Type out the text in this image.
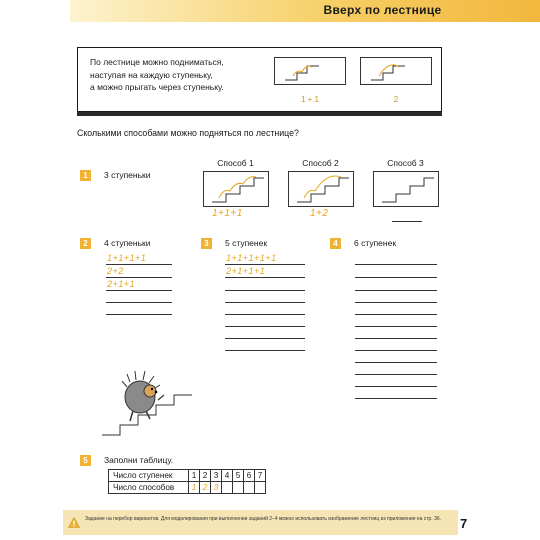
Вверх по лестнице
По лестнице можно подниматься,
наступая на каждую ступеньку,
а можно прыгать через ступеньку.
1 + 1	2
Сколькими способами можно подняться по лестнице?
1	3 ступеньки
Способ 1
1+1+1
Способ 2
1+2
Способ 3
2	4 ступеньки
1+1+1+1
2+2
2+1+1
3	5 ступенек
1+1+1+1+1
2+1+1+1
4	6 ступенек
5	Заполни таблицу.
Число ступенек	1	2	3	4	5	6	7
Число способов	1	2	3				
Задание на перебор вариантов. Для моделирования при выполнении заданий 2–4 можно использовать изображение лестниц из приложения на стр. 36.	7
